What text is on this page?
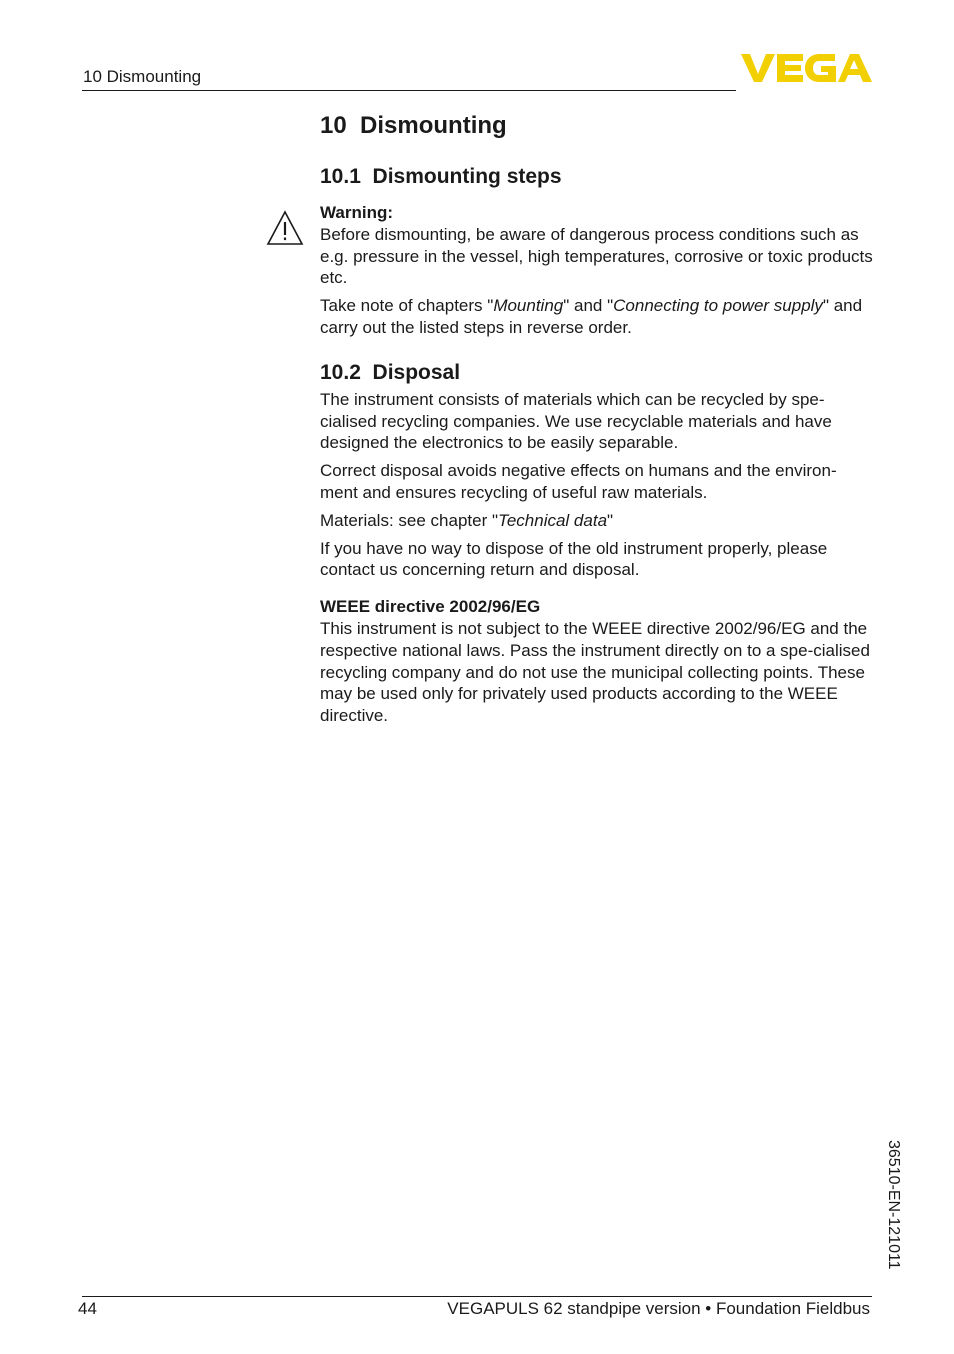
10 Dismounting
10  Dismounting
10.1  Dismounting steps

Warning:

Before dismounting, be aware of dangerous process conditions such as e.g. pressure in the vessel, high temperatures, corrosive or toxic products etc.

Take note of chapters "Mounting" and "Connecting to power supply" and carry out the listed steps in reverse order.

10.2  Disposal

The instrument consists of materials which can be recycled by spe-cialised recycling companies. We use recyclable materials and have designed the electronics to be easily separable.

Correct disposal avoids negative effects on humans and the environ-ment and ensures recycling of useful raw materials.

Materials: see chapter "Technical data"

If you have no way to dispose of the old instrument properly, please contact us concerning return and disposal.

WEEE directive 2002/96/EG

This instrument is not subject to the WEEE directive 2002/96/EG and the respective national laws. Pass the instrument directly on to a spe-cialised recycling company and do not use the municipal collecting points. These may be used only for privately used products according to the WEEE directive.

36510-EN-121011
44	VEGAPULS 62 standpipe version • Foundation Fieldbus
